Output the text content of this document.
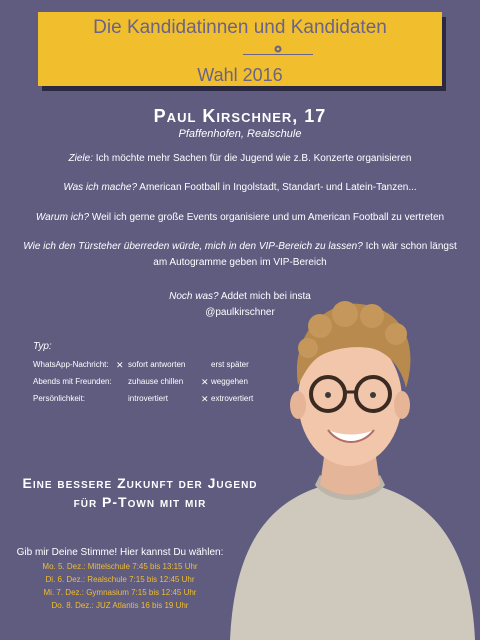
Die Kandidatinnen und Kandidaten
Wahl 2016
Paul Kirschner, 17
Pfaffenhofen, Realschule
Ziele: Ich möchte mehr Sachen für die Jugend wie z.B. Konzerte organisieren
Was ich mache? American Football in Ingolstadt, Standart- und Latein-Tanzen...
Warum ich? Weil ich gerne große Events organisiere und um American Football zu vertreten
Wie ich den Türsteher überreden würde, mich in den VIP-Bereich zu lassen? Ich wär schon längst am Autogramme geben im VIP-Bereich
Noch was? Addet mich bei insta
@paulkirschner
Typ:
WhatsApp-Nachricht: ✕ sofort antworten	erst später
Abends mit Freunden: zuhause chillen ✕ weggehen
Persönlichkeit:	introvertiert	✕ extrovertiert
Eine bessere Zukunft der Jugend
für P-Town mit mir
Gib mir Deine Stimme! Hier kannst Du wählen:
Mo. 5. Dez.: Mittelschule 7:45 bis 13:15 Uhr
Di. 6. Dez.: Realschule 7:15 bis 12:45 Uhr
Mi. 7. Dez.: Gymnasium 7:15 bis 12:45 Uhr
Do. 8. Dez.: JUZ Atlantis 16 bis 19 Uhr
